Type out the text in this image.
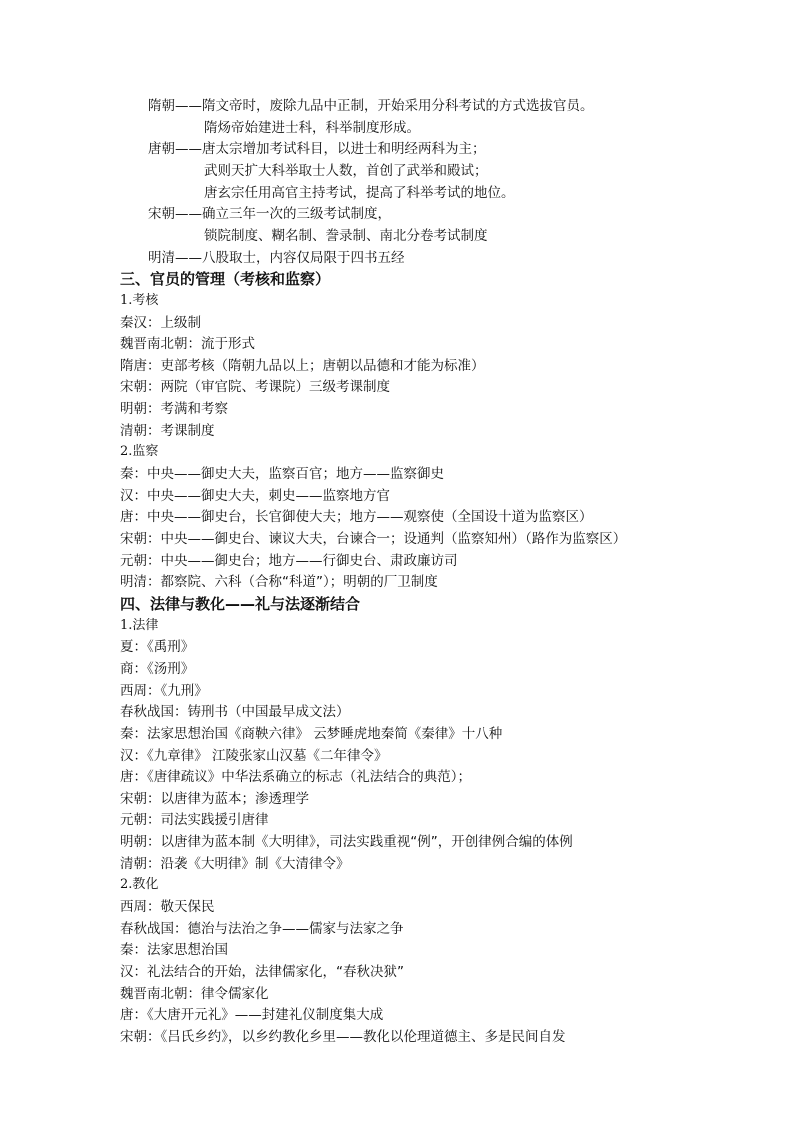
隋朝——隋文帝时，废除九品中正制，开始采用分科考试的方式选拔官员。
隋炀帝始建进士科，科举制度形成。
唐朝——唐太宗增加考试科目，以进士和明经两科为主；
武则天扩大科举取士人数，首创了武举和殿试；
唐玄宗任用高官主持考试，提高了科举考试的地位。
宋朝——确立三年一次的三级考试制度，
锁院制度、糊名制、誊录制、南北分卷考试制度
明清——八股取士，内容仅局限于四书五经
三、官员的管理（考核和监察）
1.考核
秦汉：上级制
魏晋南北朝：流于形式
隋唐：吏部考核（隋朝九品以上；唐朝以品德和才能为标准）
宋朝：两院（审官院、考课院）三级考课制度
明朝：考满和考察
清朝：考课制度
2.监察
秦：中央——御史大夫，监察百官；地方——监察御史
汉：中央——御史大夫，刺史——监察地方官
唐：中央——御史台，长官御使大夫；地方——观察使（全国设十道为监察区）
宋朝：中央——御史台、谏议大夫，台谏合一；设通判（监察知州）（路作为监察区）
元朝：中央——御史台；地方——行御史台、肃政廉访司
明清：都察院、六科（合称“科道”）；明朝的厂卫制度
四、法律与教化——礼与法逐渐结合
1.法律
夏：《禹刑》
商：《汤刑》
西周：《九刑》
春秋战国：铸刑书（中国最早成文法）
秦：法家思想治国《商鞅六律》 云梦睡虎地秦简《秦律》十八种
汉：《九章律》 江陵张家山汉墓《二年律令》
唐：《唐律疏议》中华法系确立的标志（礼法结合的典范）；
宋朝：以唐律为蓝本；渗透理学
元朝：司法实践援引唐律
明朝：以唐律为蓝本制《大明律》，司法实践重视“例”，开创律例合编的体例
清朝：沿袭《大明律》制《大清律令》
2.教化
西周：敬天保民
春秋战国：德治与法治之争——儒家与法家之争
秦：法家思想治国
汉：礼法结合的开始，法律儒家化，“春秋决狱”
魏晋南北朝：律令儒家化
唐：《大唐开元礼》——封建礼仪制度集大成
宋朝：《吕氏乡约》，以乡约教化乡里——教化以伦理道德主、多是民间自发
